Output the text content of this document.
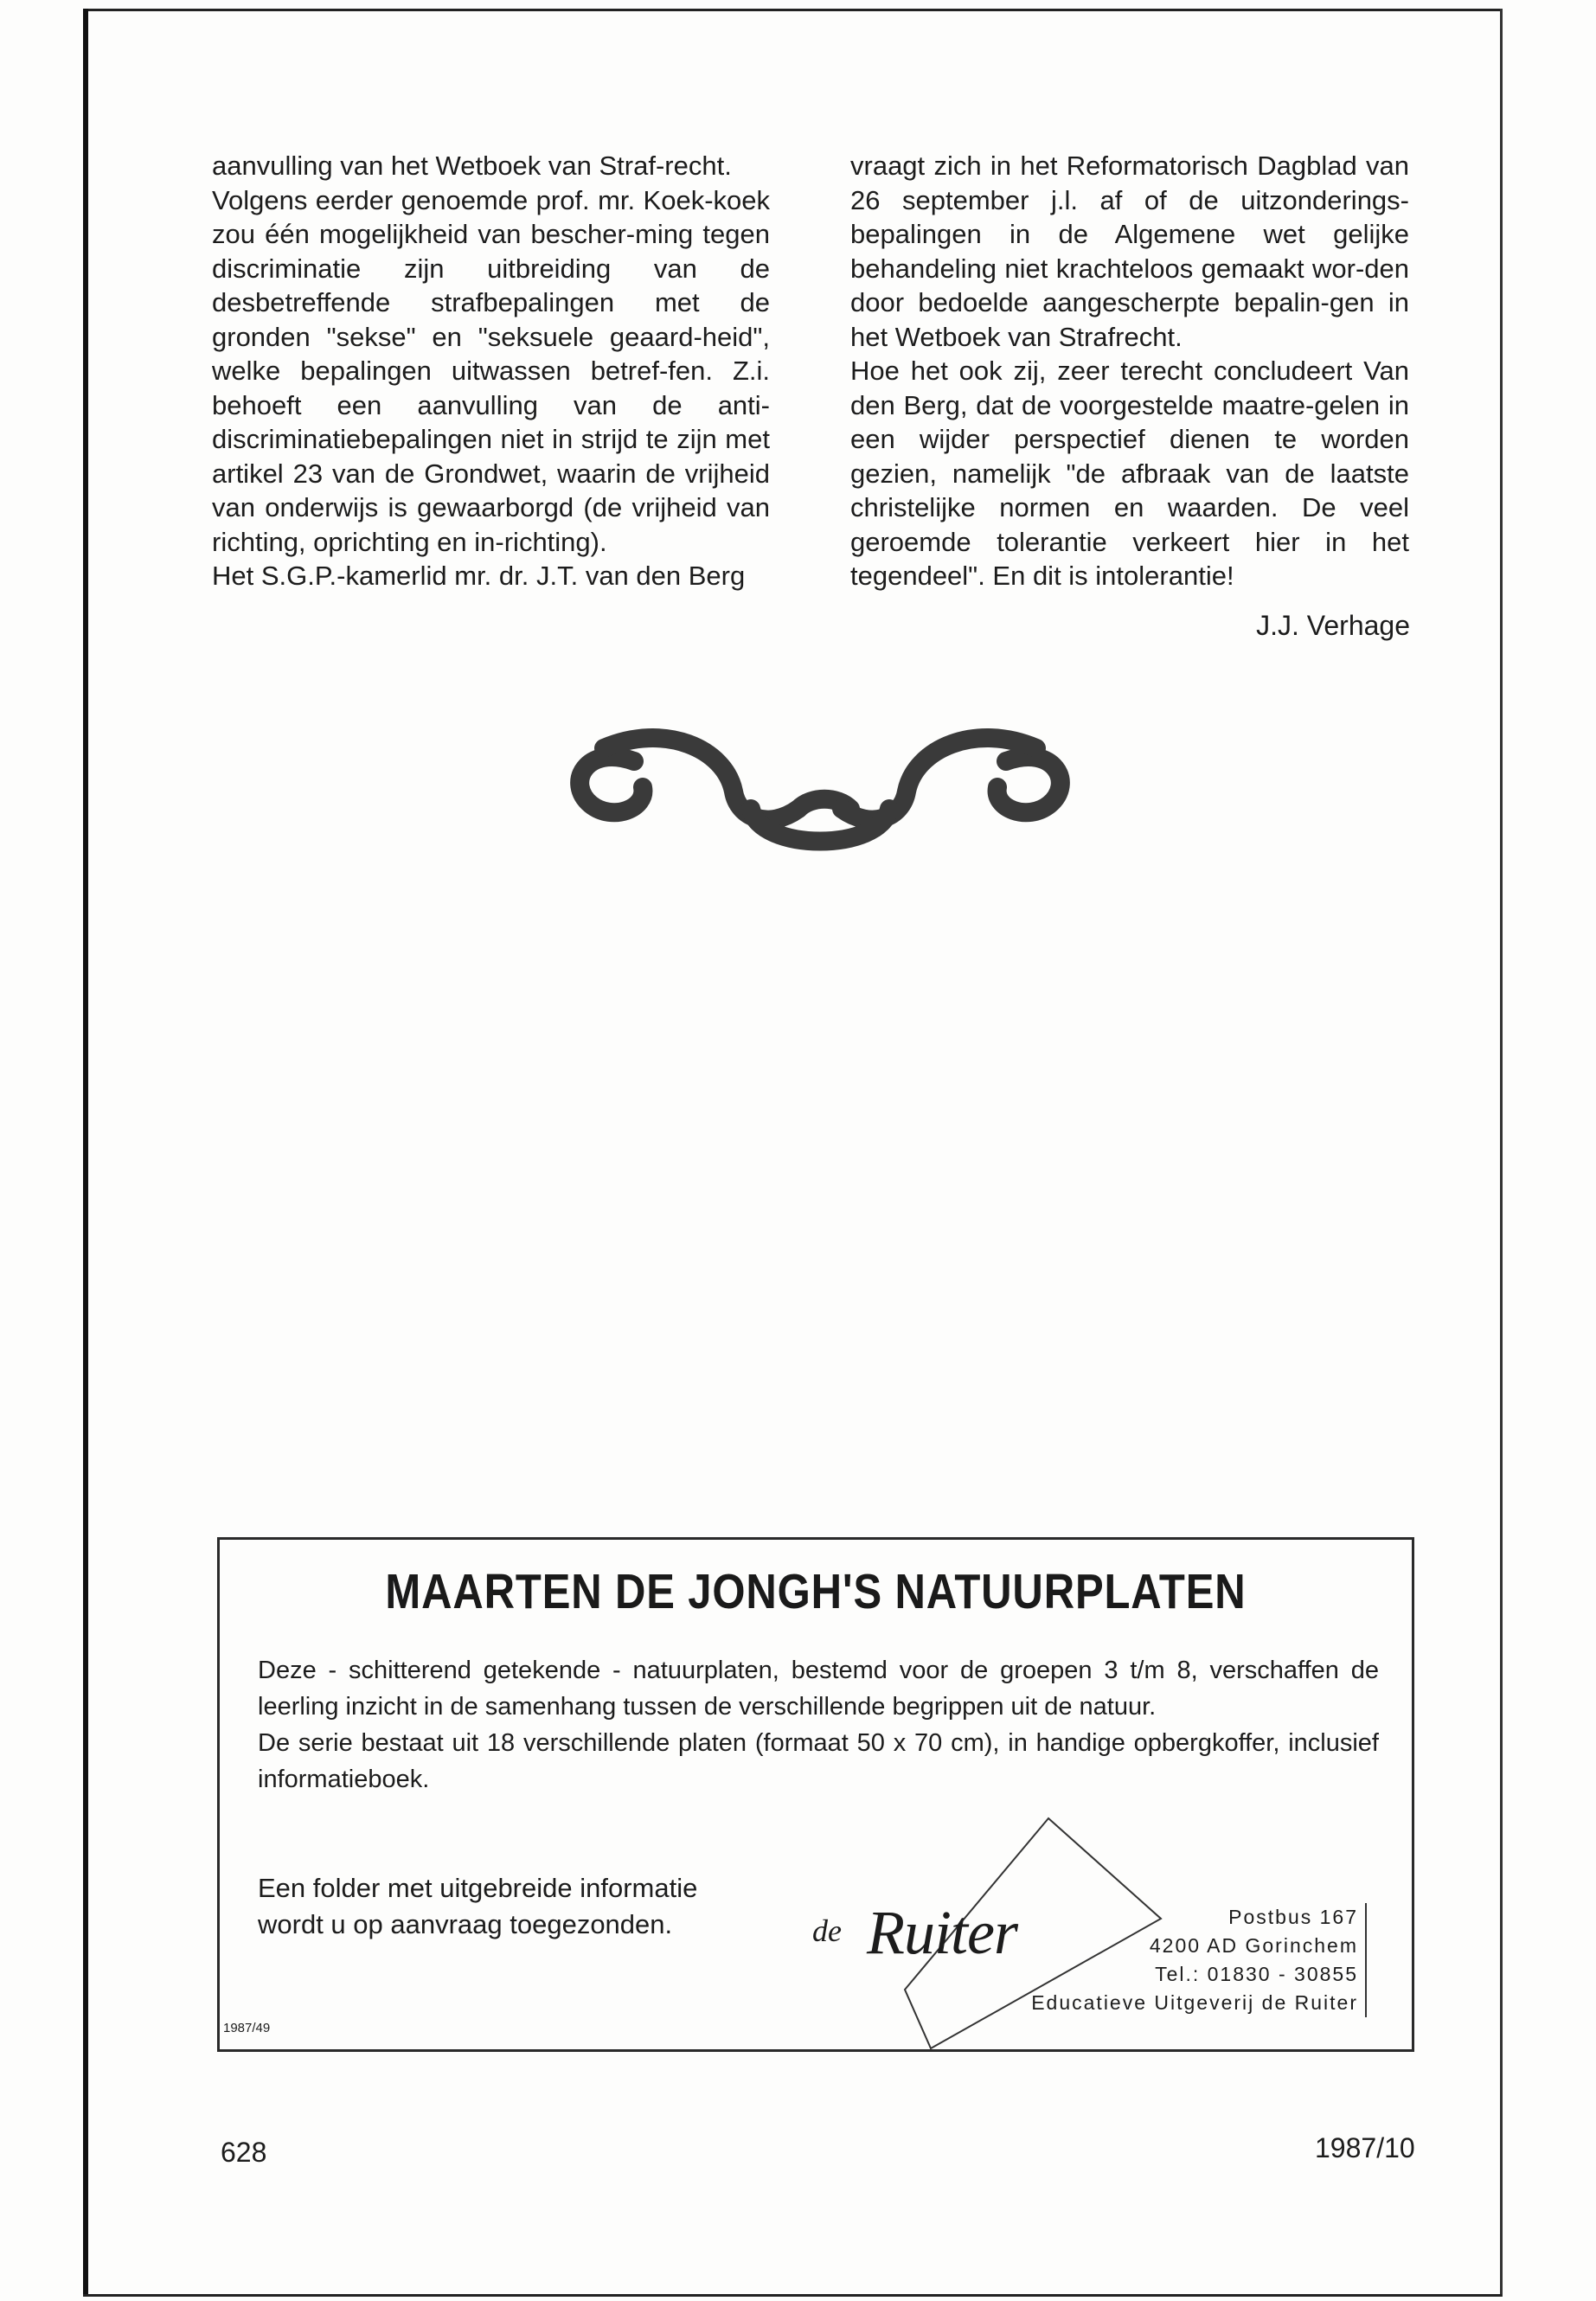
aanvulling van het Wetboek van Straf-recht.

Volgens eerder genoemde prof. mr. Koek-koek zou één mogelijkheid van bescher-ming tegen discriminatie zijn uitbreiding van de desbetreffende strafbepalingen met de gronden "sekse" en "seksuele geaard-heid", welke bepalingen uitwassen betref-fen. Z.i. behoeft een aanvulling van de anti-discriminatiebepalingen niet in strijd te zijn met artikel 23 van de Grondwet, waarin de vrijheid van onderwijs is gewaarborgd (de vrijheid van richting, oprichting en in-richting).

Het S.G.P.-kamerlid mr. dr. J.T. van den Berg

vraagt zich in het Reformatorisch Dagblad van 26 september j.l. af of de uitzonderings-bepalingen in de Algemene wet gelijke behandeling niet krachteloos gemaakt wor-den door bedoelde aangescherpte bepalin-gen in het Wetboek van Strafrecht.

Hoe het ook zij, zeer terecht concludeert Van den Berg, dat de voorgestelde maatre-gelen in een wijder perspectief dienen te worden gezien, namelijk "de afbraak van de laatste christelijke normen en waarden. De veel geroemde tolerantie verkeert hier in het tegendeel". En dit is intolerantie!

J.J. Verhage
MAARTEN DE JONGH'S NATUURPLATEN

Deze - schitterend getekende - natuurplaten, bestemd voor de groepen 3 t/m 8, verschaffen de leerling inzicht in de samenhang tussen de verschillende begrippen uit de natuur.

De serie bestaat uit 18 verschillende platen (formaat 50 x 70 cm), in handige opbergkoffer, inclusief informatieboek.

Een folder met uitgebreide informatie wordt u op aanvraag toegezonden.
1987/49
de Ruiter	Postbus 167
4200 AD Gorinchem
Tel.: 01830 - 30855
Educatieve Uitgeverij de Ruiter
628	1987/10
